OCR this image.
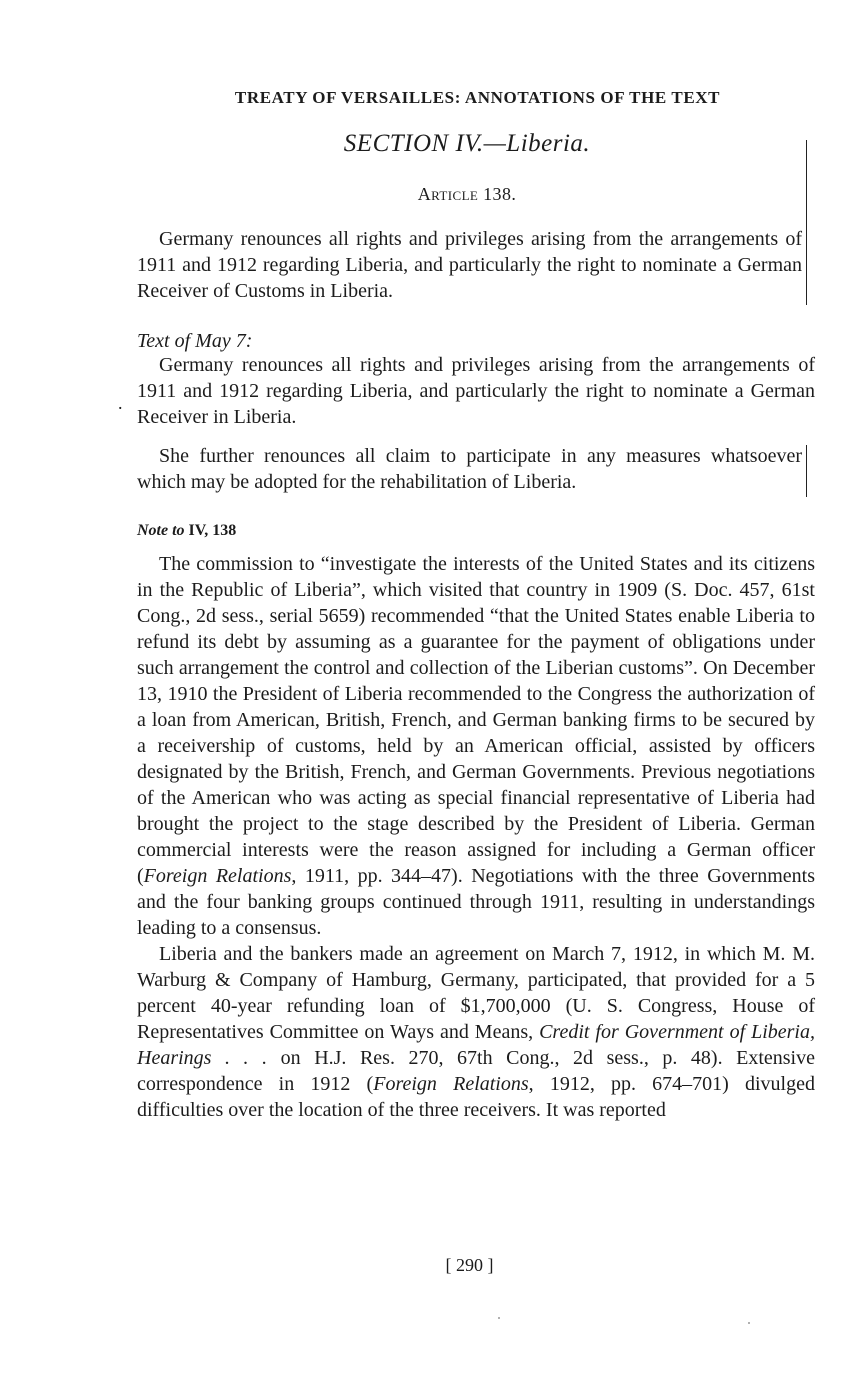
TREATY OF VERSAILLES: ANNOTATIONS OF THE TEXT
SECTION IV.—Liberia.
Article 138.

Germany renounces all rights and privileges arising from the arrangements of 1911 and 1912 regarding Liberia, and particularly the right to nominate a German Receiver of Customs in Liberia.

Text of May 7:

Germany renounces all rights and privileges arising from the arrangements of 1911 and 1912 regarding Liberia, and particularly the right to nominate a German Receiver in Liberia.

.

She further renounces all claim to participate in any measures whatsoever which may be adopted for the rehabilitation of Liberia.

Note to IV, 138

The commission to “investigate the interests of the United States and its citizens in the Republic of Liberia”, which visited that country in 1909 (S. Doc. 457, 61st Cong., 2d sess., serial 5659) recommended “that the United States enable Liberia to refund its debt by assuming as a guarantee for the payment of obligations under such arrangement the control and collection of the Liberian customs”. On December 13, 1910 the President of Liberia recommended to the Congress the authorization of a loan from American, British, French, and German banking firms to be secured by a receivership of customs, held by an American official, assisted by officers designated by the British, French, and German Governments. Previous negotiations of the American who was acting as special financial representative of Liberia had brought the project to the stage described by the President of Liberia. German commercial interests were the reason assigned for including a German officer (Foreign Relations, 1911, pp. 344–47). Negotiations with the three Governments and the four banking groups continued through 1911, resulting in understandings leading to a consensus.

Liberia and the bankers made an agreement on March 7, 1912, in which M. M. Warburg & Company of Hamburg, Germany, participated, that provided for a 5 percent 40-year refunding loan of $1,700,000 (U. S. Congress, House of Representatives Committee on Ways and Means, Credit for Government of Liberia, Hearings . . . on H.J. Res. 270, 67th Cong., 2d sess., p. 48). Extensive correspondence in 1912 (Foreign Relations, 1912, pp. 674–701) divulged difficulties over the location of the three receivers. It was reported

[ 290 ]
